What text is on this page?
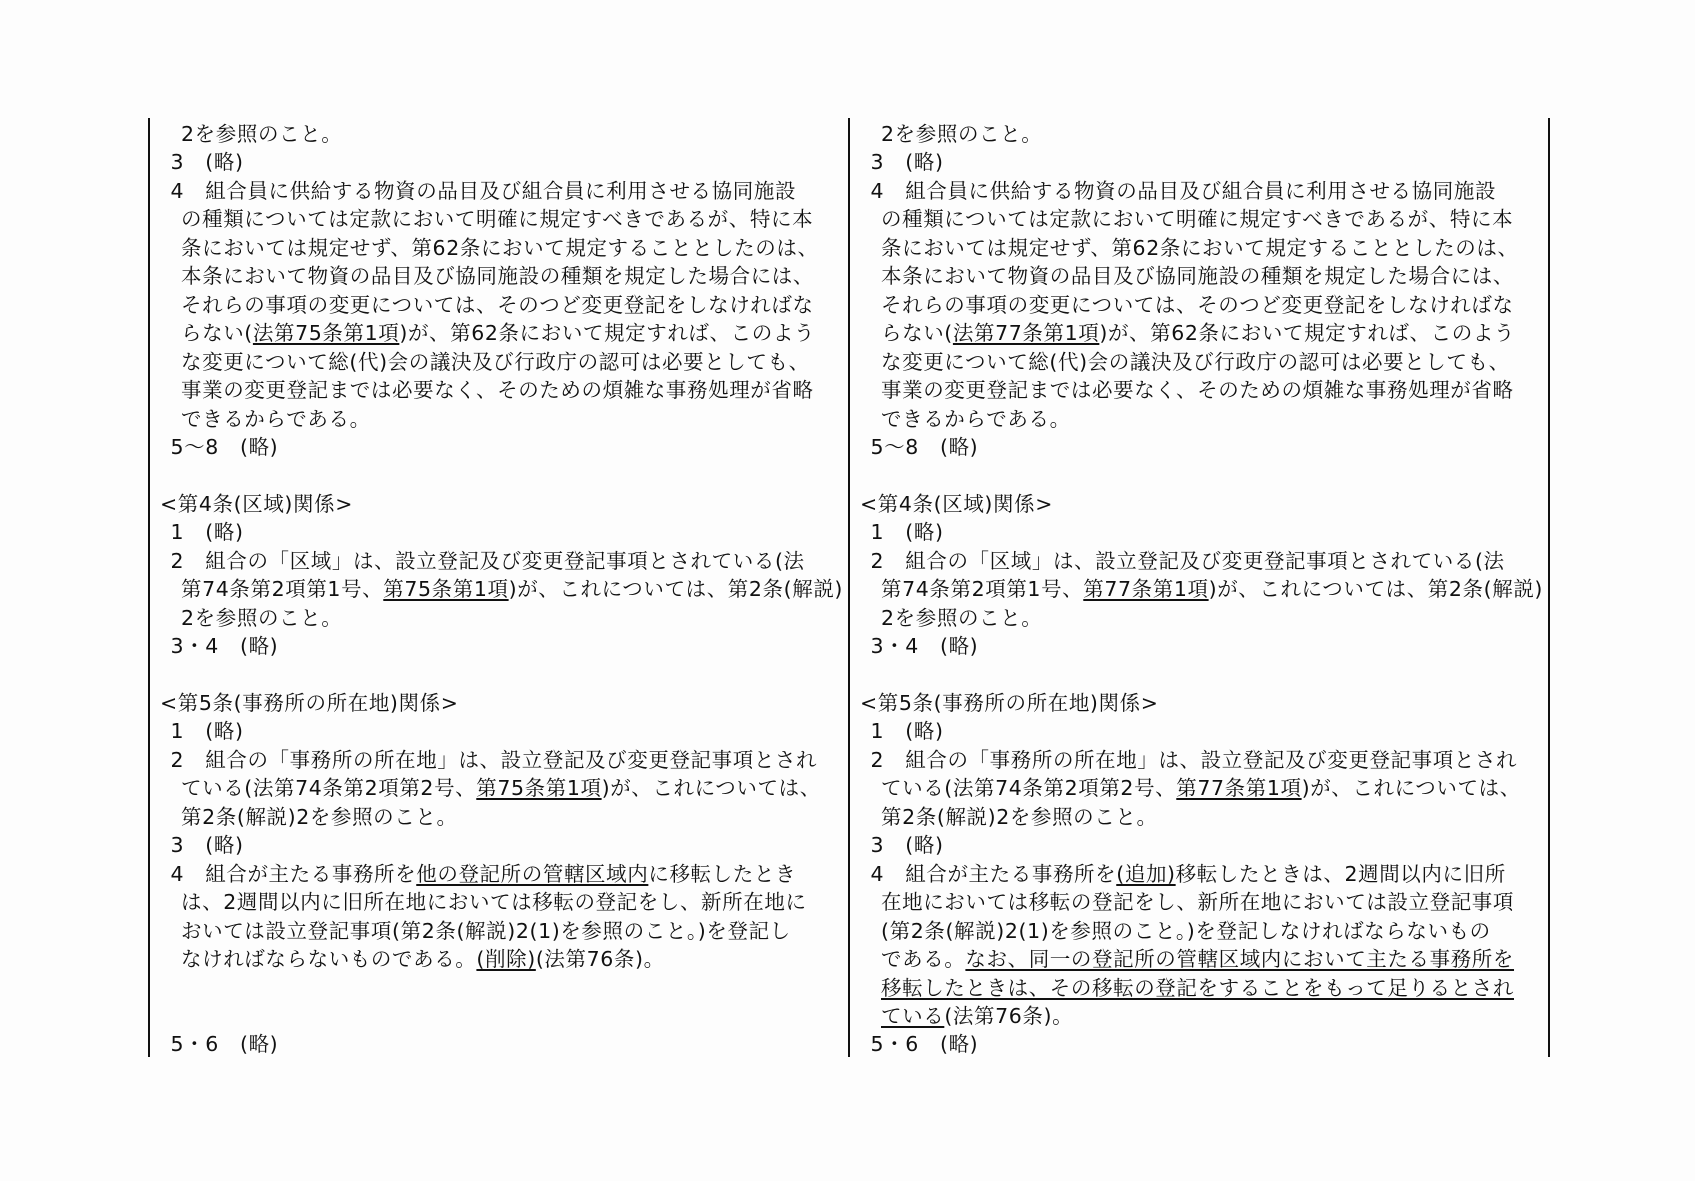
2を参照のこと。
3　(略)
4　組合員に供給する物資の品目及び組合員に利用させる協同施設
の種類については定款において明確に規定すべきであるが、特に本
条においては規定せず、第62条において規定することとしたのは、
本条において物資の品目及び協同施設の種類を規定した場合には、
それらの事項の変更については、そのつど変更登記をしなければな
らない(法第75条第1項)が、第62条において規定すれば、このよう
な変更について総(代)会の議決及び行政庁の認可は必要としても、
事業の変更登記までは必要なく、そのための煩雑な事務処理が省略
できるからである。
5〜8　(略)
<第4条(区域)関係>
1　(略)
2　組合の「区域」は、設立登記及び変更登記事項とされている(法
第74条第2項第1号、第75条第1項)が、これについては、第2条(解説)
2を参照のこと。
3・4　(略)
<第5条(事務所の所在地)関係>
1　(略)
2　組合の「事務所の所在地」は、設立登記及び変更登記事項とされ
ている(法第74条第2項第2号、第75条第1項)が、これについては、
第2条(解説)2を参照のこと。
3　(略)
4　組合が主たる事務所を他の登記所の管轄区域内に移転したとき
は、2週間以内に旧所在地においては移転の登記をし、新所在地に
おいては設立登記事項(第2条(解説)2(1)を参照のこと。)を登記し
なければならないものである。(削除)(法第76条)。
5・6　(略)
2を参照のこと。
3　(略)
4　組合員に供給する物資の品目及び組合員に利用させる協同施設
の種類については定款において明確に規定すべきであるが、特に本
条においては規定せず、第62条において規定することとしたのは、
本条において物資の品目及び協同施設の種類を規定した場合には、
それらの事項の変更については、そのつど変更登記をしなければな
らない(法第77条第1項)が、第62条において規定すれば、このよう
な変更について総(代)会の議決及び行政庁の認可は必要としても、
事業の変更登記までは必要なく、そのための煩雑な事務処理が省略
できるからである。
5〜8　(略)
<第4条(区域)関係>
1　(略)
2　組合の「区域」は、設立登記及び変更登記事項とされている(法
第74条第2項第1号、第77条第1項)が、これについては、第2条(解説)
2を参照のこと。
3・4　(略)
<第5条(事務所の所在地)関係>
1　(略)
2　組合の「事務所の所在地」は、設立登記及び変更登記事項とされ
ている(法第74条第2項第2号、第77条第1項)が、これについては、
第2条(解説)2を参照のこと。
3　(略)
4　組合が主たる事務所を(追加)移転したときは、2週間以内に旧所
在地においては移転の登記をし、新所在地においては設立登記事項
(第2条(解説)2(1)を参照のこと。)を登記しなければならないもの
である。なお、同一の登記所の管轄区域内において主たる事務所を
移転したときは、その移転の登記をすることをもって足りるとされ
ている(法第76条)。
5・6　(略)
